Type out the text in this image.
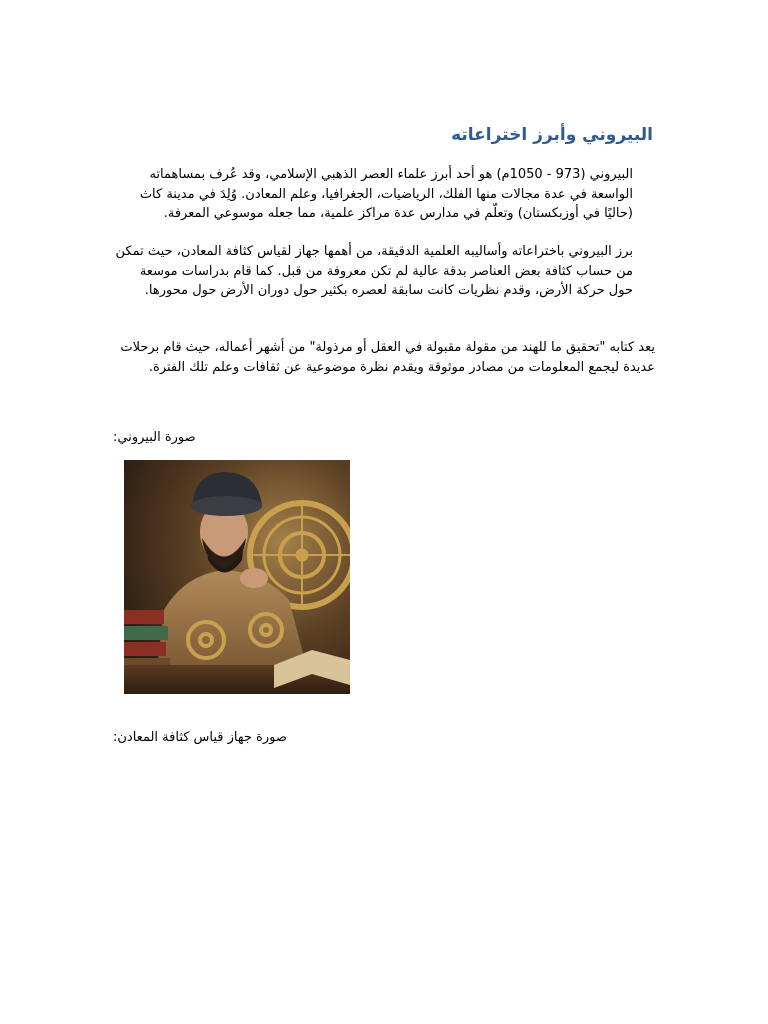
البيروني وأبرز اختراعاته

البيروني (973 - 1050م) هو أحد أبرز علماء العصر الذهبي الإسلامي، وقد عُرف بمساهماته الواسعة في عدة مجالات منها الفلك، الرياضيات، الجغرافيا، وعلم المعادن. وُلِدَ في مدينة كاث (حاليًا في أوزبكستان) وتعلّم في مدارس عدة مراكز علمية، مما جعله موسوعي المعرفة.

برز البيروني باختراعاته وأساليبه العلمية الدقيقة، من أهمها جهاز لقياس كثافة المعادن، حيث تمكن من حساب كثافة بعض العناصر بدقة عالية لم تكن معروفة من قبل. كما قام بدراسات موسعة حول حركة الأرض، وقدم نظريات كانت سابقة لعصره بكثير حول دوران الأرض حول محورها.

يعد كتابه "تحقيق ما للهند من مقولة مقبولة في العقل أو مرذولة" من أشهر أعماله، حيث قام برحلات عديدة ليجمع المعلومات من مصادر موثوقة ويقدم نظرة موضوعية عن ثقافات وعلم تلك الفترة.

صورة البيروني:

صورة جهاز قياس كثافة المعادن:
